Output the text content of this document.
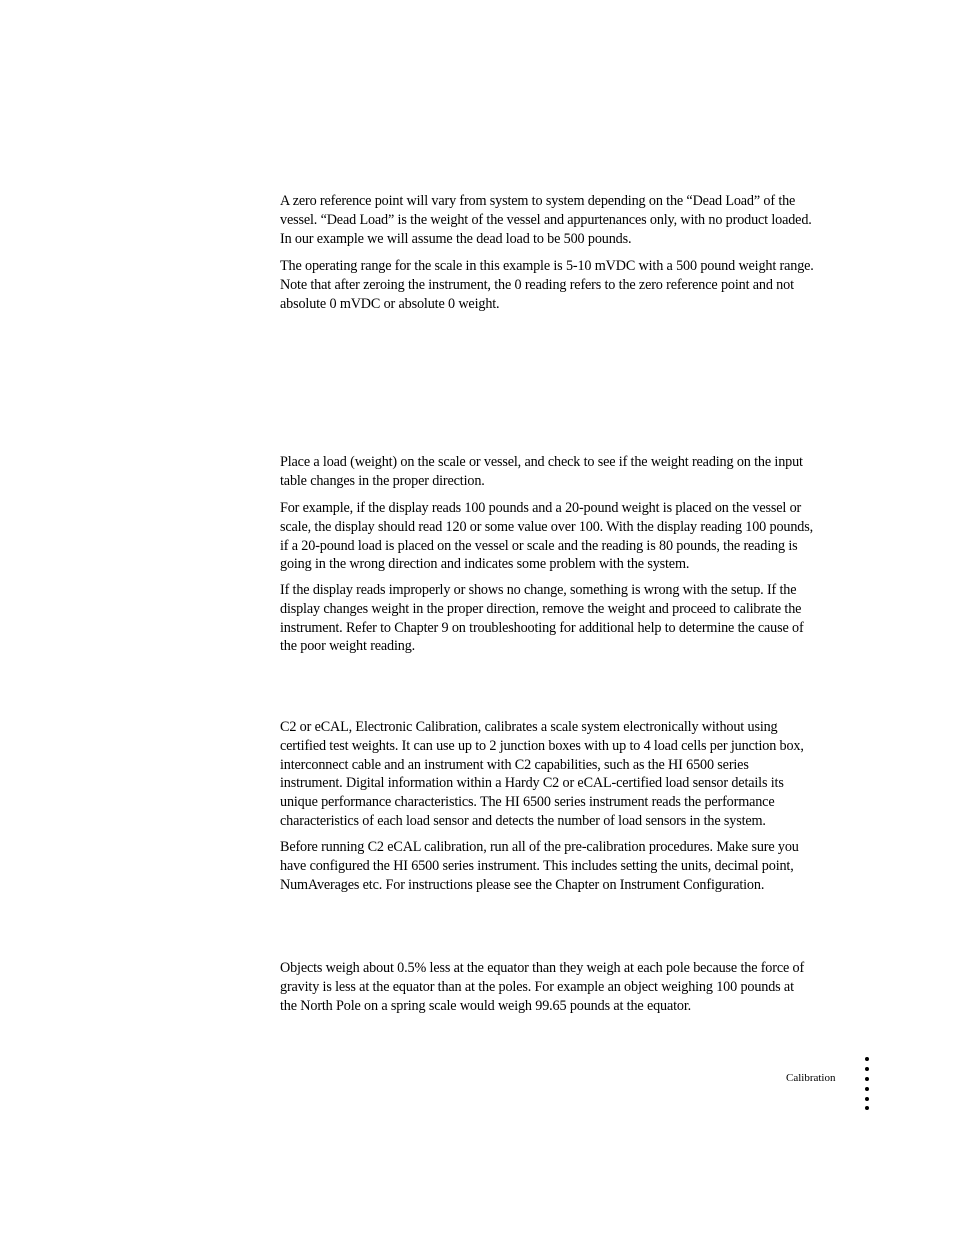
A zero reference point will vary from system to system depending on the “Dead Load” of the vessel. “Dead Load” is the weight of the vessel and appurtenances only, with no product loaded. In our example we will assume the dead load to be 500 pounds.

The operating range for the scale in this example is 5-10 mVDC with a 500 pound weight range. Note that after zeroing the instrument, the 0 reading refers to the zero reference point and not absolute 0 mVDC or absolute 0 weight.

Place a load (weight) on the scale or vessel, and check to see if the weight reading on the input table changes in the proper direction.

For example, if the display reads 100 pounds and a 20-pound weight is placed on the vessel or scale, the display should read 120 or some value over 100. With the display reading 100 pounds, if a 20-pound load is placed on the vessel or scale and the reading is 80 pounds, the reading is going in the wrong direction and indicates some problem with the system.

If the display reads improperly or shows no change, something is wrong with the setup. If the display changes weight in the proper direction, remove the weight and proceed to calibrate the instrument. Refer to Chapter 9 on troubleshooting for additional help to determine the cause of the poor weight reading.

C2 or eCAL, Electronic Calibration, calibrates a scale system electronically without using certified test weights. It can use up to 2 junction boxes with up to 4 load cells per junction box, interconnect cable and an instrument with C2 capabilities, such as the HI 6500 series instrument. Digital information within a Hardy C2 or eCAL-certified load sensor details its unique performance characteristics. The HI 6500 series instrument reads the performance characteristics of each load sensor and detects the number of load sensors in the system.

Before running C2 eCAL calibration, run all of the pre-calibration procedures. Make sure you have configured the HI 6500 series instrument. This includes setting the units, decimal point, NumAverages etc. For instructions please see the Chapter on Instrument Configuration.

Objects weigh about 0.5% less at the equator than they weigh at each pole because the force of gravity is less at the equator than at the poles. For example an object weighing 100 pounds at the North Pole on a spring scale would weigh 99.65 pounds at the equator.

Calibration
